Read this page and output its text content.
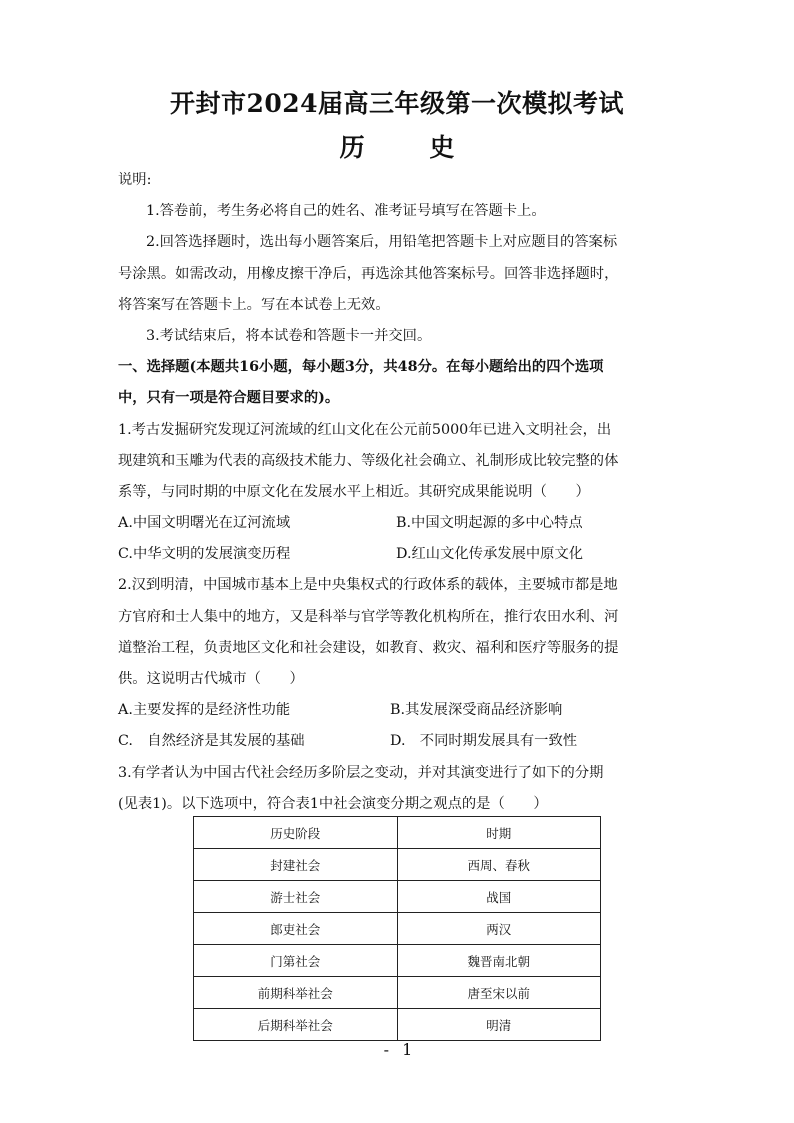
开封市2024届高三年级第一次模拟考试
历 史

说明:

1.答卷前，考生务必将自己的姓名、准考证号填写在答题卡上。

2.回答选择题时，选出每小题答案后，用铅笔把答题卡上对应题目的答案标

号涂黑。如需改动，用橡皮擦干净后，再选涂其他答案标号。回答非选择题时，

将答案写在答题卡上。写在本试卷上无效。

3.考试结束后，将本试卷和答题卡一并交回。

一、选择题(本题共16小题，每小题3分，共48分。在每小题给出的四个选项

中，只有一项是符合题目要求的)。

1.考古发掘研究发现辽河流域的红山文化在公元前5000年已进入文明社会，出

现建筑和玉雕为代表的高级技术能力、等级化社会确立、礼制形成比较完整的体

系等，与同时期的中原文化在发展水平上相近。其研究成果能说明（　　）

A.中国文明曙光在辽河流域	B.中国文明起源的多中心特点
C.中华文明的发展演变历程	D.红山文化传承发展中原文化

2.汉到明清，中国城市基本上是中央集权式的行政体系的载体，主要城市都是地

方官府和士人集中的地方，又是科举与官学等教化机构所在，推行农田水利、河

道整治工程，负责地区文化和社会建设，如教育、救灾、福利和医疗等服务的提

供。这说明古代城市（　　）

A.主要发挥的是经济性功能	B.其发展深受商品经济影响
C.　自然经济是其发展的基础	D.　不同时期发展具有一致性

3.有学者认为中国古代社会经历多阶层之变动，并对其演变进行了如下的分期

(见表1)。以下选项中，符合表1中社会演变分期之观点的是（　　）

历史阶段	时期
封建社会	西周、春秋
游士社会	战国
郎吏社会	两汉
门第社会	魏晋南北朝
前期科举社会	唐至宋以前
后期科举社会	明清
- 1
